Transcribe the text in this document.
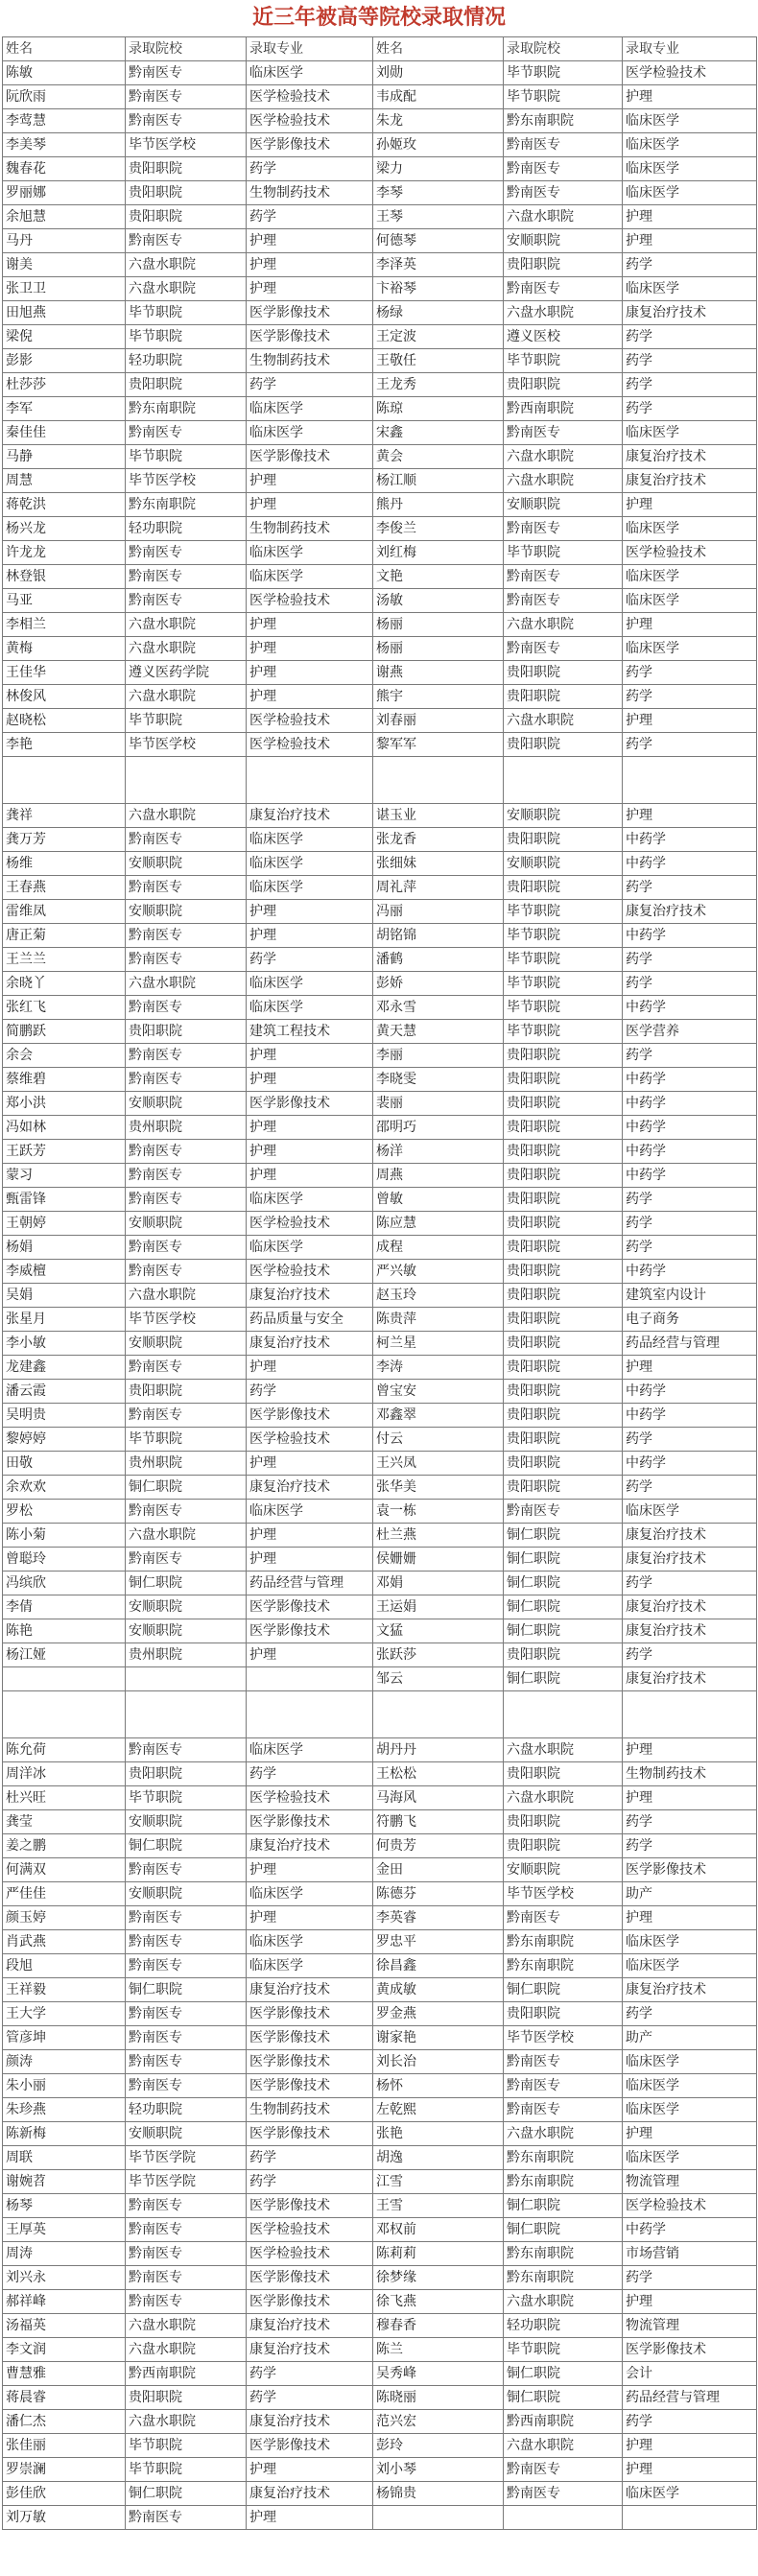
近三年被高等院校录取情况
姓名	录取院校	录取专业	姓名	录取院校	录取专业
陈敏	黔南医专	临床医学	刘勋	毕节职院	医学检验技术
阮欣雨	黔南医专	医学检验技术	韦成配	毕节职院	护理
李莺慧	黔南医专	医学检验技术	朱龙	黔东南职院	临床医学
李美琴	毕节医学校	医学影像技术	孙姬玫	黔南医专	临床医学
魏春花	贵阳职院	药学	梁力	黔南医专	临床医学
罗丽娜	贵阳职院	生物制药技术	李琴	黔南医专	临床医学
余旭慧	贵阳职院	药学	王琴	六盘水职院	护理
马丹	黔南医专	护理	何德琴	安顺职院	护理
谢美	六盘水职院	护理	李泽英	贵阳职院	药学
张卫卫	六盘水职院	护理	卞裕琴	黔南医专	临床医学
田旭燕	毕节职院	医学影像技术	杨绿	六盘水职院	康复治疗技术
梁倪	毕节职院	医学影像技术	王定波	遵义医校	药学
彭影	轻功职院	生物制药技术	王敬任	毕节职院	药学
杜莎莎	贵阳职院	药学	王龙秀	贵阳职院	药学
李军	黔东南职院	临床医学	陈琼	黔西南职院	药学
秦佳佳	黔南医专	临床医学	宋鑫	黔南医专	临床医学
马静	毕节职院	医学影像技术	黄会	六盘水职院	康复治疗技术
周慧	毕节医学校	护理	杨江顺	六盘水职院	康复治疗技术
蒋乾洪	黔东南职院	护理	熊丹	安顺职院	护理
杨兴龙	轻功职院	生物制药技术	李俊兰	黔南医专	临床医学
许龙龙	黔南医专	临床医学	刘红梅	毕节职院	医学检验技术
林登银	黔南医专	临床医学	文艳	黔南医专	临床医学
马亚	黔南医专	医学检验技术	汤敏	黔南医专	临床医学
李相兰	六盘水职院	护理	杨丽	六盘水职院	护理
黄梅	六盘水职院	护理	杨丽	黔南医专	临床医学
王佳华	遵义医药学院	护理	谢燕	贵阳职院	药学
林俊风	六盘水职院	护理	熊宇	贵阳职院	药学
赵晓松	毕节职院	医学检验技术	刘春丽	六盘水职院	护理
李艳	毕节医学校	医学检验技术	黎军军	贵阳职院	药学

龚祥	六盘水职院	康复治疗技术	谌玉业	安顺职院	护理
龚万芳	黔南医专	临床医学	张龙香	贵阳职院	中药学
杨维	安顺职院	临床医学	张细妹	安顺职院	中药学
王春燕	黔南医专	临床医学	周礼萍	贵阳职院	药学
雷维凤	安顺职院	护理	冯丽	毕节职院	康复治疗技术
唐正菊	黔南医专	护理	胡铭锦	毕节职院	中药学
王兰兰	黔南医专	药学	潘鹤	毕节职院	药学
余晓丫	六盘水职院	临床医学	彭娇	毕节职院	药学
张红飞	黔南医专	临床医学	邓永雪	毕节职院	中药学
简鹏跃	贵阳职院	建筑工程技术	黄天慧	毕节职院	医学营养
余会	黔南医专	护理	李丽	贵阳职院	药学
蔡维碧	黔南医专	护理	李晓雯	贵阳职院	中药学
郑小洪	安顺职院	医学影像技术	裴丽	贵阳职院	中药学
冯如林	贵州职院	护理	邵明巧	贵阳职院	中药学
王跃芳	黔南医专	护理	杨洋	贵阳职院	中药学
蒙习	黔南医专	护理	周燕	贵阳职院	中药学
甄雷锋	黔南医专	临床医学	曾敏	贵阳职院	药学
王朝婷	安顺职院	医学检验技术	陈应慧	贵阳职院	药学
杨娟	黔南医专	临床医学	成程	贵阳职院	药学
李威檀	黔南医专	医学检验技术	严兴敏	贵阳职院	中药学
吴娟	六盘水职院	康复治疗技术	赵玉玲	贵阳职院	建筑室内设计
张星月	毕节医学校	药品质量与安全	陈贵萍	贵阳职院	电子商务
李小敏	安顺职院	康复治疗技术	柯兰星	贵阳职院	药品经营与管理
龙建鑫	黔南医专	护理	李涛	贵阳职院	护理
潘云霞	贵阳职院	药学	曾宝安	贵阳职院	中药学
吴明贵	黔南医专	医学影像技术	邓鑫翠	贵阳职院	中药学
黎婷婷	毕节职院	医学检验技术	付云	贵阳职院	药学
田敬	贵州职院	护理	王兴凤	贵阳职院	中药学
余欢欢	铜仁职院	康复治疗技术	张华美	贵阳职院	药学
罗松	黔南医专	临床医学	袁一栋	黔南医专	临床医学
陈小菊	六盘水职院	护理	杜兰燕	铜仁职院	康复治疗技术
曾聪玲	黔南医专	护理	侯姗姗	铜仁职院	康复治疗技术
冯缤欣	铜仁职院	药品经营与管理	邓娟	铜仁职院	药学
李倩	安顺职院	医学影像技术	王运娟	铜仁职院	康复治疗技术
陈艳	安顺职院	医学影像技术	文猛	铜仁职院	康复治疗技术
杨江娅	贵州职院	护理	张跃莎	贵阳职院	药学
			邹云	铜仁职院	康复治疗技术

陈允荷	黔南医专	临床医学	胡丹丹	六盘水职院	护理
周洋冰	贵阳职院	药学	王松松	贵阳职院	生物制药技术
杜兴旺	毕节职院	医学检验技术	马海风	六盘水职院	护理
龚莹	安顺职院	医学影像技术	符鹏飞	贵阳职院	药学
姜之鹏	铜仁职院	康复治疗技术	何贵芳	贵阳职院	药学
何满双	黔南医专	护理	金田	安顺职院	医学影像技术
严佳佳	安顺职院	临床医学	陈德芬	毕节医学校	助产
颜玉婷	黔南医专	护理	李英睿	黔南医专	护理
肖武燕	黔南医专	临床医学	罗忠平	黔东南职院	临床医学
段旭	黔南医专	临床医学	徐昌鑫	黔东南职院	临床医学
王祥毅	铜仁职院	康复治疗技术	黄成敏	铜仁职院	康复治疗技术
王大学	黔南医专	医学影像技术	罗金燕	贵阳职院	药学
管彦坤	黔南医专	医学影像技术	谢家艳	毕节医学校	助产
颜涛	黔南医专	医学影像技术	刘长治	黔南医专	临床医学
朱小丽	黔南医专	医学影像技术	杨怀	黔南医专	临床医学
朱珍燕	轻功职院	生物制药技术	左乾熙	黔南医专	临床医学
陈新梅	安顺职院	医学影像技术	张艳	六盘水职院	护理
周联	毕节医学院	药学	胡逸	黔东南职院	临床医学
谢婉苕	毕节医学院	药学	江雪	黔东南职院	物流管理
杨琴	黔南医专	医学影像技术	王雪	铜仁职院	医学检验技术
王厚英	黔南医专	医学检验技术	邓权前	铜仁职院	中药学
周涛	黔南医专	医学检验技术	陈莉莉	黔东南职院	市场营销
刘兴永	黔南医专	医学影像技术	徐梦缘	黔东南职院	药学
郝祥峰	黔南医专	医学影像技术	徐飞燕	六盘水职院	护理
汤福英	六盘水职院	康复治疗技术	穆春香	轻功职院	物流管理
李文润	六盘水职院	康复治疗技术	陈兰	毕节职院	医学影像技术
曹慧雅	黔西南职院	药学	吴秀峰	铜仁职院	会计
蒋晨睿	贵阳职院	药学	陈晓丽	铜仁职院	药品经营与管理
潘仁杰	六盘水职院	康复治疗技术	范兴宏	黔西南职院	药学
张佳丽	毕节职院	医学影像技术	彭玲	六盘水职院	护理
罗崇澜	毕节职院	护理	刘小琴	黔南医专	护理
彭佳欣	铜仁职院	康复治疗技术	杨锦贵	黔南医专	临床医学
刘万敏	黔南医专	护理			
